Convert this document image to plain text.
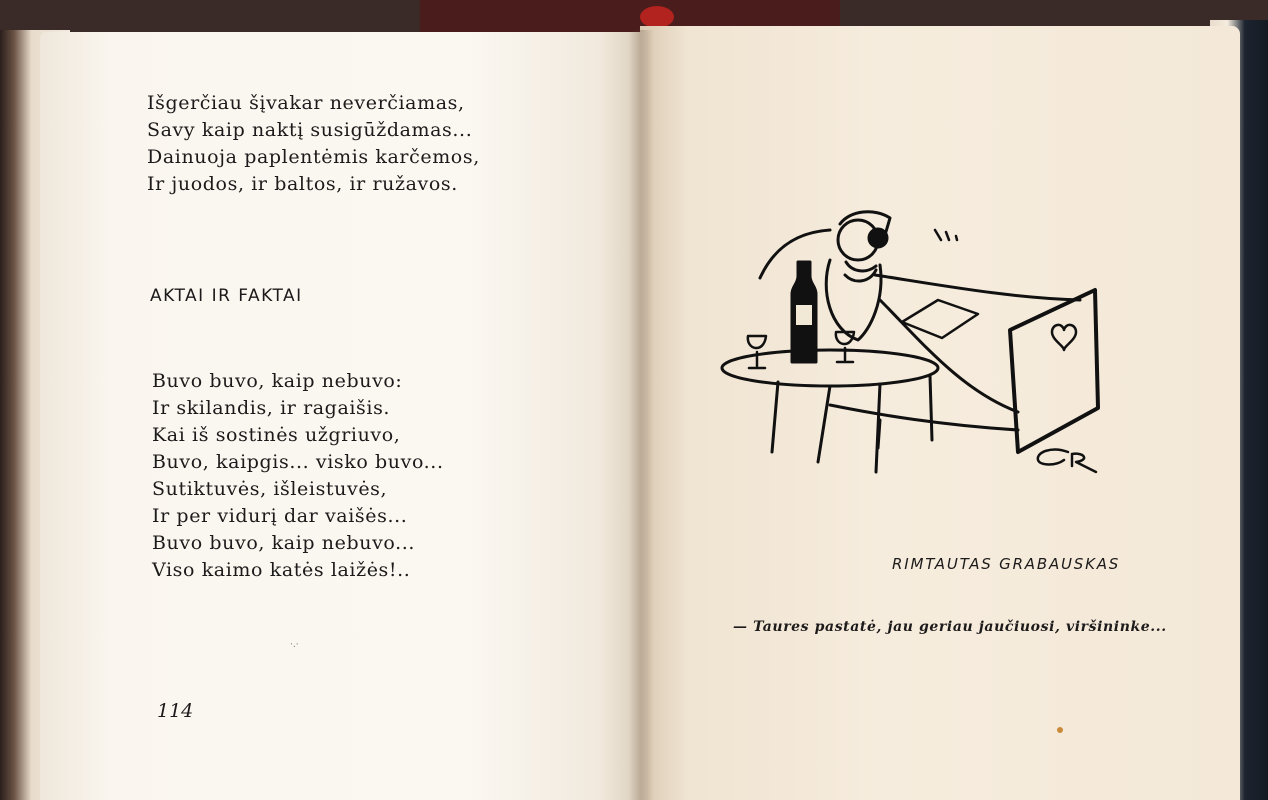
Išgerčiau šįvakar neverčiamas,
Savy kaip naktį susigūždamas...
Dainuoja paplentėmis karčemos,
Ir juodos, ir baltos, ir ružavos.
AKTAI IR FAKTAI
Buvo buvo, kaip nebuvo:
Ir skilandis, ir ragaišis.
Kai iš sostinės užgriuvo,
Buvo, kaipgis... visko buvo...
Sutiktuvės, išleistuvės,
Ir per vidurį dar vaišės...
Buvo buvo, kaip nebuvo...
Viso kaimo katės laižės!..
·.·
114
RIMTAUTAS GRABAUSKAS
— Taures pastatė, jau geriau jaučiuosi, viršininke...
